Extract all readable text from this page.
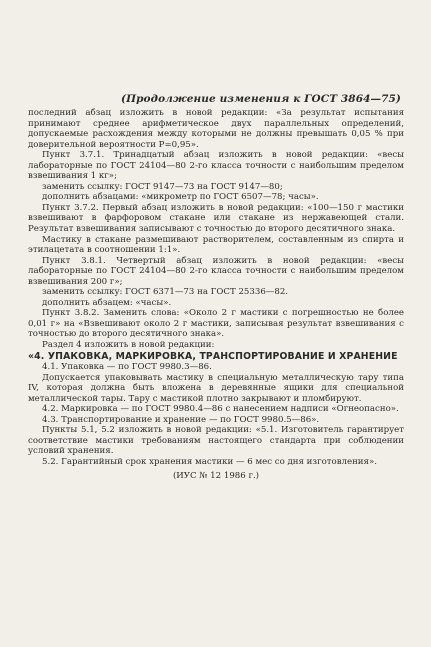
(Продолжение изменения к ГОСТ 3864—75)

последний абзац изложить в новой редакции: «За результат испытания принимают среднее арифметическое двух параллельных определений, допускаемые расхождения между которыми не должны превышать 0,05 % при доверительной вероятности P=0,95».

Пункт 3.7.1. Тринадцатый абзац изложить в новой редакции: «весы лабораторные по ГОСТ 24104—80 2-го класса точности с наибольшим пределом взвешивания 1 кг»;

заменить ссылку: ГОСТ 9147—73 на ГОСТ 9147—80;

дополнить абзацами: «микрометр по ГОСТ 6507—78; часы».

Пункт 3.7.2. Первый абзац изложить в новой редакции: «100—150 г мастики взвешивают в фарфоровом стакане или стакане из нержавеющей стали. Результат взвешивания записывают с точностью до второго десятичного знака.

Мастику в стакане размешивают растворителем, составленным из спирта и этилацетата в соотношении 1:1».

Пункт 3.8.1. Четвертый абзац изложить в новой редакции: «весы лабораторные по ГОСТ 24104—80 2-го класса точности с наибольшим пределом взвешивания 200 г»;

заменить ссылку: ГОСТ 6371—73 на ГОСТ 25336—82.

дополнить абзацем: «часы».

Пункт 3.8.2. Заменить слова: «Около 2 г мастики с погрешностью не более 0,01 г» на «Взвешивают около 2 г мастики, записывая результат взвешивания с точностью до второго десятичного знака».

Раздел 4 изложить в новой редакции:

«4. УПАКОВКА, МАРКИРОВКА, ТРАНСПОРТИРОВАНИЕ И ХРАНЕНИЕ

4.1. Упаковка — по ГОСТ 9980.3—86.

Допускается упаковывать мастику в специальную металлическую тару типа IV, которая должна быть вложена в деревянные ящики для специальной металлической тары. Тару с мастикой плотно закрывают и пломбируют.

4.2. Маркировка — по ГОСТ 9980.4—86 с нанесением надписи «Огнеопасно».

4.3. Транспортирование и хранение — по ГОСТ 9980.5—86».

Пункты 5.1, 5.2 изложить в новой редакции: «5.1. Изготовитель гарантирует соответствие мастики требованиям настоящего стандарта при соблюдении условий хранения.

5.2. Гарантийный срок хранения мастики — 6 мес со дня изготовления».

(ИУС № 12 1986 г.)
